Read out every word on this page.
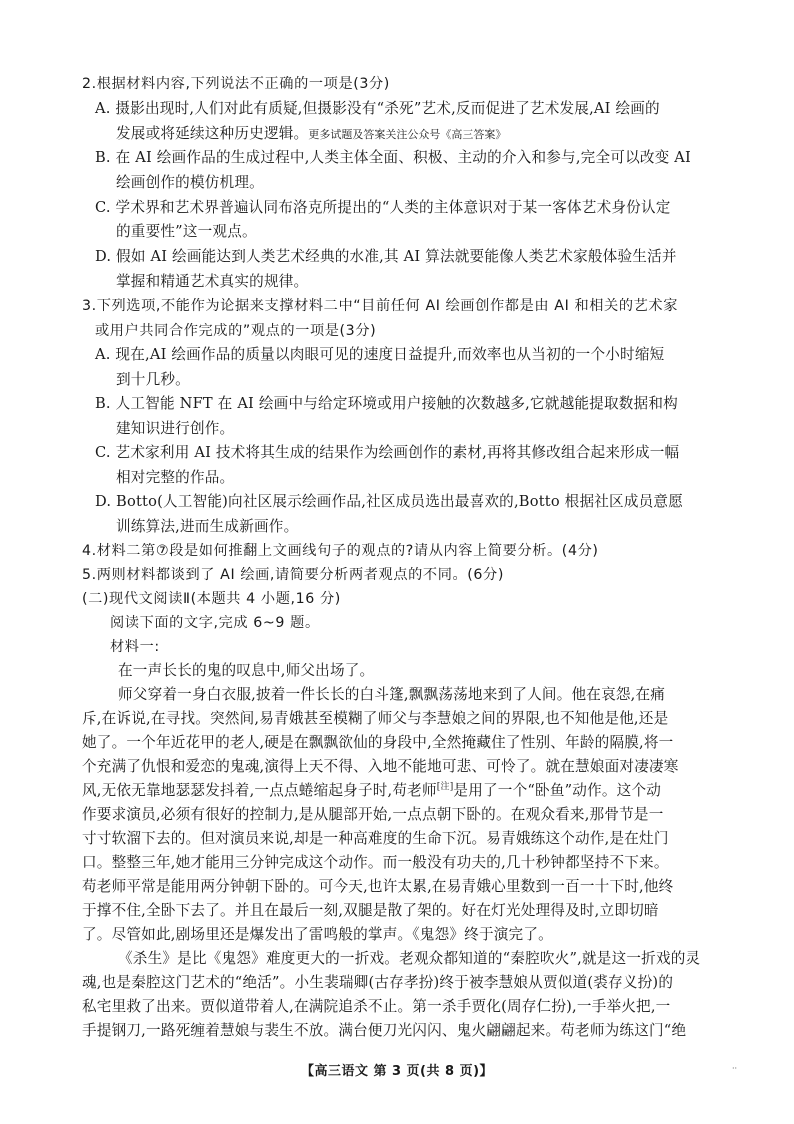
2.根据材料内容,下列说法不正确的一项是(3分)
A. 摄影出现时,人们对此有质疑,但摄影没有“杀死”艺术,反而促进了艺术发展,AI 绘画的
发展或将延续这种历史逻辑。更多试题及答案关注公众号《高三答案》
B. 在 AI 绘画作品的生成过程中,人类主体全面、积极、主动的介入和参与,完全可以改变 AI
绘画创作的模仿机理。
C. 学术界和艺术界普遍认同布洛克所提出的“人类的主体意识对于某一客体艺术身份认定
的重要性”这一观点。
D. 假如 AI 绘画能达到人类艺术经典的水准,其 AI 算法就要能像人类艺术家般体验生活并
掌握和精通艺术真实的规律。
3.下列选项,不能作为论据来支撑材料二中“目前任何 AI 绘画创作都是由 AI 和相关的艺术家
或用户共同合作完成的”观点的一项是(3分)
A. 现在,AI 绘画作品的质量以肉眼可见的速度日益提升,而效率也从当初的一个小时缩短
到十几秒。
B. 人工智能 NFT 在 AI 绘画中与给定环境或用户接触的次数越多,它就越能提取数据和构
建知识进行创作。
C. 艺术家利用 AI 技术将其生成的结果作为绘画创作的素材,再将其修改组合起来形成一幅
相对完整的作品。
D. Botto(人工智能)向社区展示绘画作品,社区成员选出最喜欢的,Botto 根据社区成员意愿
训练算法,进而生成新画作。
4.材料二第⑦段是如何推翻上文画线句子的观点的?请从内容上简要分析。(4分)
5.两则材料都谈到了 AI 绘画,请简要分析两者观点的不同。(6分)
(二)现代文阅读Ⅱ(本题共 4 小题,16 分)
阅读下面的文字,完成 6~9 题。
材料一:
在一声长长的鬼的叹息中,师父出场了。
师父穿着一身白衣服,披着一件长长的白斗篷,飘飘荡荡地来到了人间。他在哀怨,在痛
斥,在诉说,在寻找。突然间,易青娥甚至模糊了师父与李慧娘之间的界限,也不知他是他,还是
她了。一个年近花甲的老人,硬是在飘飘欲仙的身段中,全然掩藏住了性别、年龄的隔膜,将一
个充满了仇恨和爱恋的鬼魂,演得上天不得、入地不能地可悲、可怜了。就在慧娘面对凄凄寒
风,无依无靠地瑟瑟发抖着,一点点蜷缩起身子时,苟老师[注]是用了一个“卧鱼”动作。这个动
作要求演员,必须有很好的控制力,是从腿部开始,一点点朝下卧的。在观众看来,那骨节是一
寸寸软溜下去的。但对演员来说,却是一种高难度的生命下沉。易青娥练这个动作,是在灶门
口。整整三年,她才能用三分钟完成这个动作。而一般没有功夫的,几十秒钟都坚持不下来。
苟老师平常是能用两分钟朝下卧的。可今天,也许太累,在易青娥心里数到一百一十下时,他终
于撑不住,全卧下去了。并且在最后一刻,双腿是散了架的。好在灯光处理得及时,立即切暗
了。尽管如此,剧场里还是爆发出了雷鸣般的掌声。《鬼怨》终于演完了。
《杀生》是比《鬼怨》难度更大的一折戏。老观众都知道的“秦腔吹火”,就是这一折戏的灵
魂,也是秦腔这门艺术的“绝活”。小生裴瑞卿(古存孝扮)终于被李慧娘从贾似道(裘存义扮)的
私宅里救了出来。贾似道带着人,在满院追杀不止。第一杀手贾化(周存仁扮),一手举火把,一
手提钢刀,一路死缠着慧娘与裴生不放。满台便刀光闪闪、鬼火翩翩起来。苟老师为练这门“绝
【高三语文 第 3 页(共 8 页)】	··
